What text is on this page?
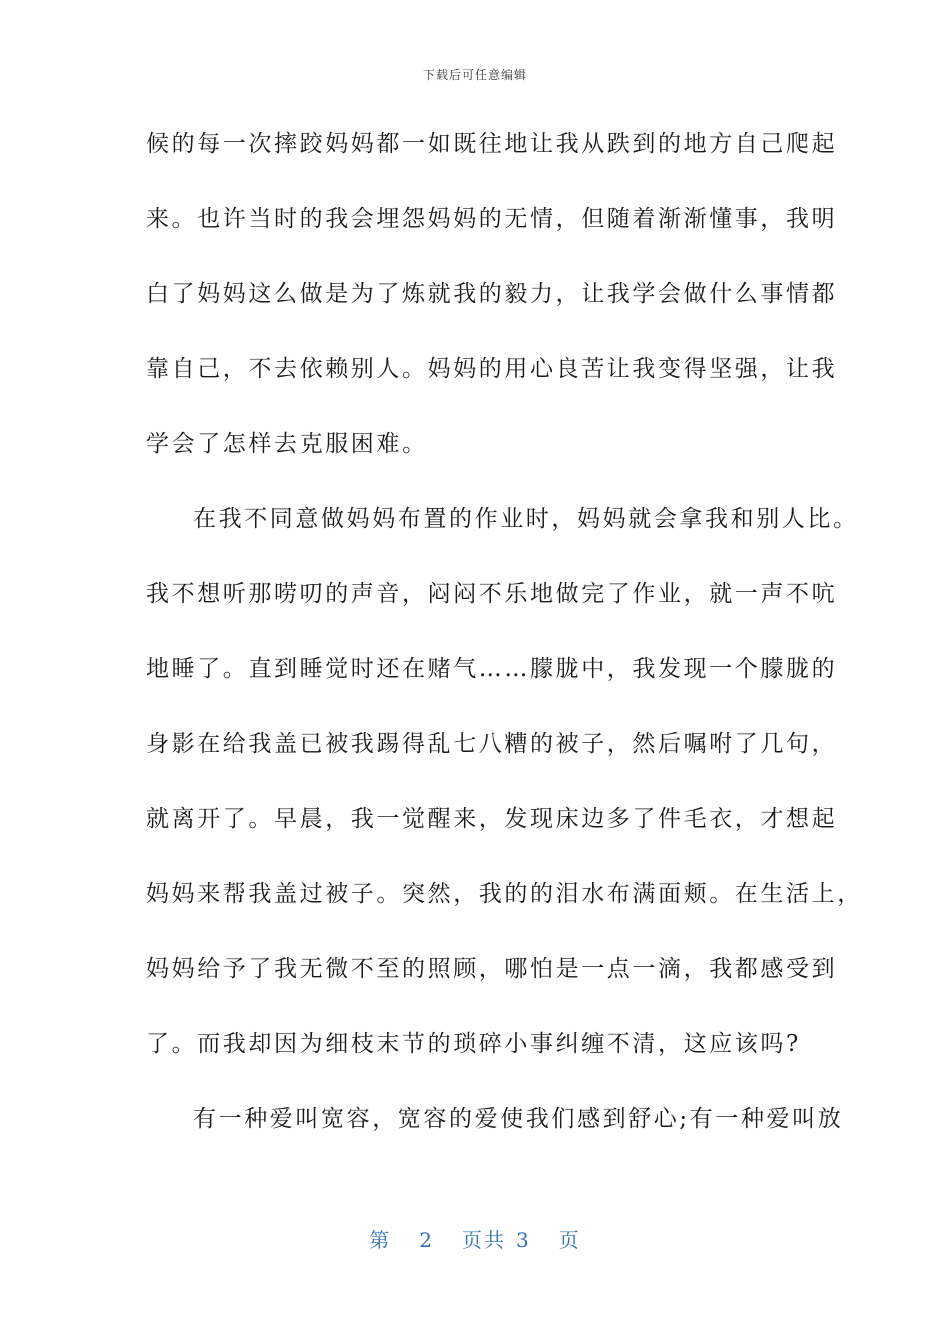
下载后可任意编辑
候的每一次摔跤妈妈都一如既往地让我从跌到的地方自己爬起
来。也许当时的我会埋怨妈妈的无情，但随着渐渐懂事，我明
白了妈妈这么做是为了炼就我的毅力，让我学会做什么事情都
靠自己，不去依赖别人。妈妈的用心良苦让我变得坚强，让我
学会了怎样去克服困难。
在我不同意做妈妈布置的作业时，妈妈就会拿我和别人比。
我不想听那唠叨的声音，闷闷不乐地做完了作业，就一声不吭
地睡了。直到睡觉时还在赌气……朦胧中，我发现一个朦胧的
身影在给我盖已被我踢得乱七八糟的被子，然后嘱咐了几句，
就离开了。早晨，我一觉醒来，发现床边多了件毛衣，才想起
妈妈来帮我盖过被子。突然，我的的泪水布满面颊。在生活上，
妈妈给予了我无微不至的照顾，哪怕是一点一滴，我都感受到
了。而我却因为细枝末节的琐碎小事纠缠不清，这应该吗?
有一种爱叫宽容，宽容的爱使我们感到舒心;有一种爱叫放
第 2 页共 3 页
